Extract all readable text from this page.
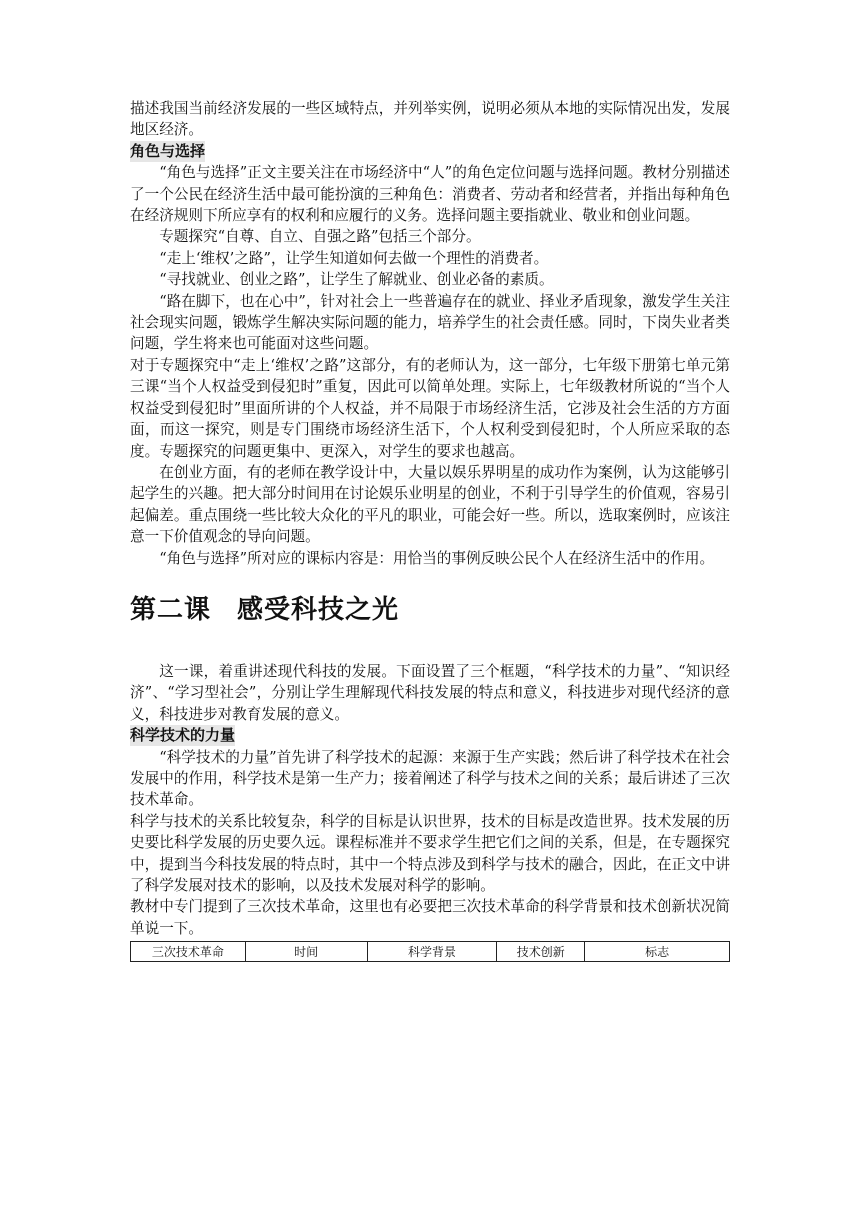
描述我国当前经济发展的一些区域特点，并列举实例，说明必须从本地的实际情况出发，发展地区经济。

角色与选择

“角色与选择”正文主要关注在市场经济中“人”的角色定位问题与选择问题。教材分别描述了一个公民在经济生活中最可能扮演的三种角色：消费者、劳动者和经营者，并指出每种角色在经济规则下所应享有的权利和应履行的义务。选择问题主要指就业、敬业和创业问题。

专题探究“自尊、自立、自强之路”包括三个部分。

“走上‘维权’之路”，让学生知道如何去做一个理性的消费者。

“寻找就业、创业之路”，让学生了解就业、创业必备的素质。

“路在脚下，也在心中”，针对社会上一些普遍存在的就业、择业矛盾现象，激发学生关注社会现实问题，锻炼学生解决实际问题的能力，培养学生的社会责任感。同时，下岗失业者类问题，学生将来也可能面对这些问题。

对于专题探究中“走上‘维权’之路”这部分，有的老师认为，这一部分，七年级下册第七单元第三课“当个人权益受到侵犯时”重复，因此可以简单处理。实际上，七年级教材所说的“当个人权益受到侵犯时”里面所讲的个人权益，并不局限于市场经济生活，它涉及社会生活的方方面面，而这一探究，则是专门围绕市场经济生活下，个人权利受到侵犯时，个人所应采取的态度。专题探究的问题更集中、更深入，对学生的要求也越高。

在创业方面，有的老师在教学设计中，大量以娱乐界明星的成功作为案例，认为这能够引起学生的兴趣。把大部分时间用在讨论娱乐业明星的创业，不利于引导学生的价值观，容易引起偏差。重点围绕一些比较大众化的平凡的职业，可能会好一些。所以，选取案例时，应该注意一下价值观念的导向问题。

“角色与选择”所对应的课标内容是：用恰当的事例反映公民个人在经济生活中的作用。

第二课 感受科技之光

这一课，着重讲述现代科技的发展。下面设置了三个框题，“科学技术的力量”、“知识经济”、“学习型社会”，分别让学生理解现代科技发展的特点和意义，科技进步对现代经济的意义，科技进步对教育发展的意义。

科学技术的力量

“科学技术的力量”首先讲了科学技术的起源：来源于生产实践；然后讲了科学技术在社会发展中的作用，科学技术是第一生产力；接着阐述了科学与技术之间的关系；最后讲述了三次技术革命。

科学与技术的关系比较复杂，科学的目标是认识世界，技术的目标是改造世界。技术发展的历史要比科学发展的历史要久远。课程标准并不要求学生把它们之间的关系，但是，在专题探究中，提到当今科技发展的特点时，其中一个特点涉及到科学与技术的融合，因此，在正文中讲了科学发展对技术的影响，以及技术发展对科学的影响。

教材中专门提到了三次技术革命，这里也有必要把三次技术革命的科学背景和技术创新状况简单说一下。

三次技术革命	时间	科学背景	技术创新	标志
